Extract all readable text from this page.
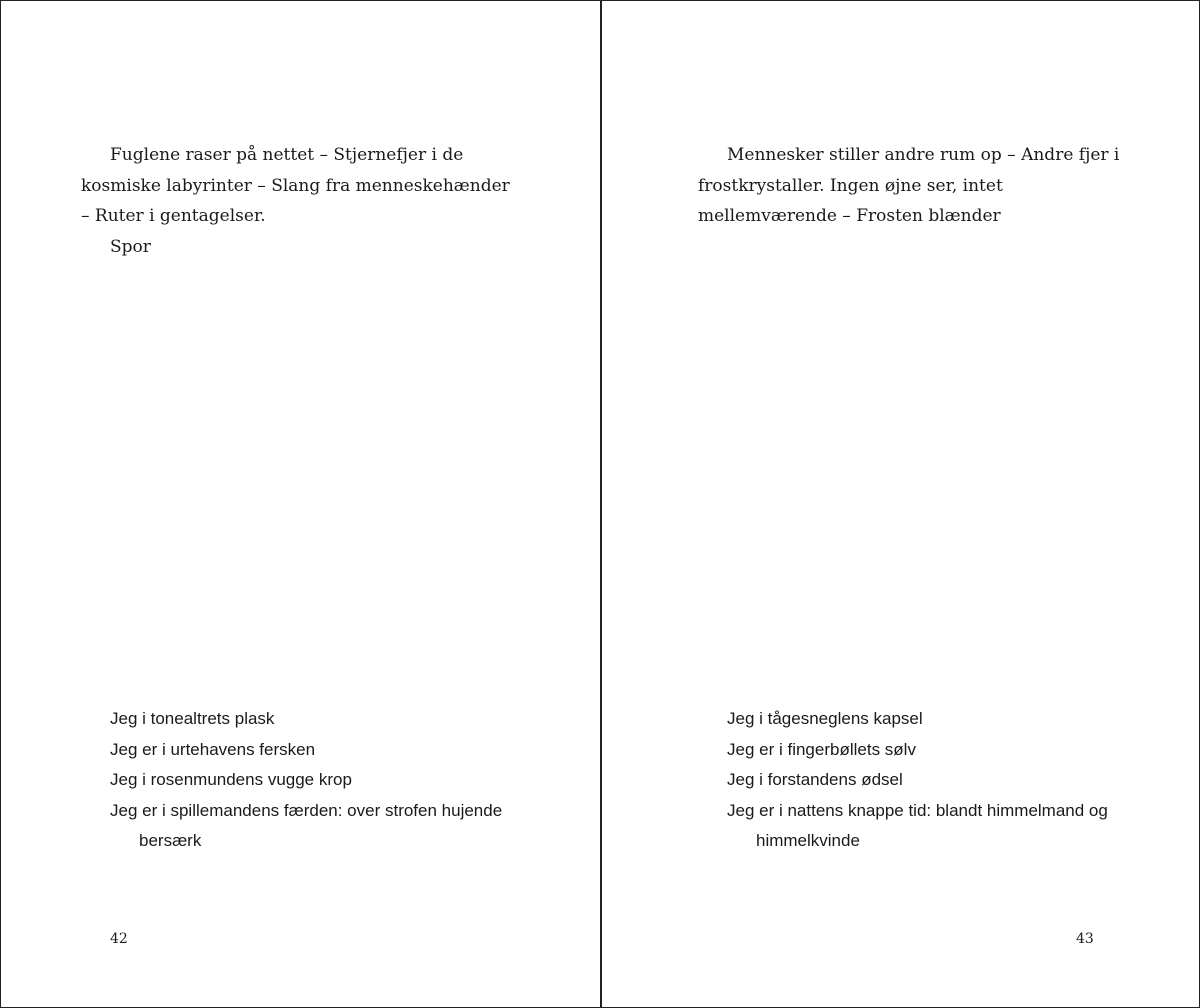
Fuglene raser på nettet – Stjernefjer i de kosmiske labyrinter – Slang fra menneskehænder – Ruter i gentagelser.

Spor

Jeg i tonealtrets plask
Jeg er i urtehavens fersken
Jeg i rosenmundens vugge krop
Jeg er i spillemandens færden: over strofen hujende
bersærk
42

Mennesker stiller andre rum op – Andre fjer i frostkrystaller. Ingen øjne ser, intet mellemværende – Frosten blænder

Jeg i tågesneglens kapsel
Jeg er i fingerbøllets sølv
Jeg i forstandens ødsel
Jeg er i nattens knappe tid: blandt himmelmand og
himmelkvinde
43
